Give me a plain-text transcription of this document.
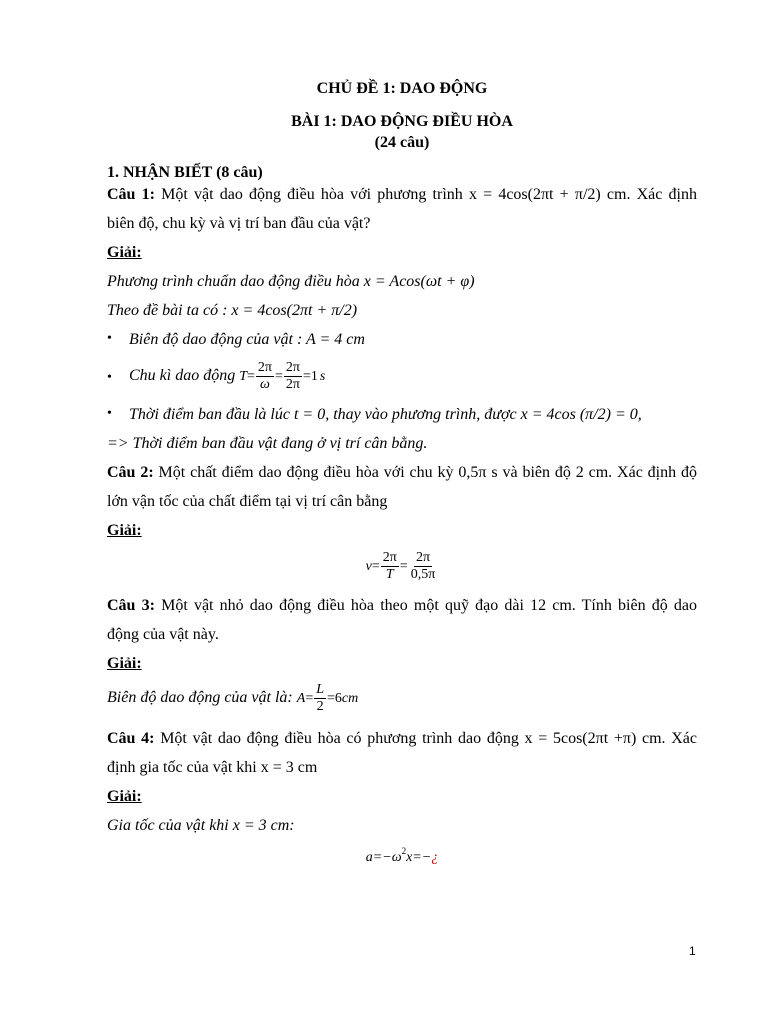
CHỦ ĐỀ 1: DAO ĐỘNG
BÀI 1: DAO ĐỘNG ĐIỀU HÒA
(24 câu)
1. NHẬN BIẾT (8 câu)
Câu 1: Một vật dao động điều hòa với phương trình x = 4cos(2πt + π/2) cm. Xác định
biên độ, chu kỳ và vị trí ban đầu của vật?
Giải:
Phương trình chuẩn dao động điều hòa x = Acos(ωt + φ)
Theo đề bài ta có : x = 4cos(2πt + π/2)
• Biên độ dao động của vật : A = 4 cm
• Chu kì dao động $T= \frac{2\pi}{\omega} = \frac{2\pi}{2\pi} =1$ s
• Thời điểm ban đầu là lúc t = 0, thay vào phương trình, được x = 4cos (π/2) = 0,
=> Thời điểm ban đầu vật đang ở vị trí cân bằng.
Câu 2: Một chất điểm dao động điều hòa với chu kỳ 0,5π s và biên độ 2 cm. Xác định độ
lớn vận tốc của chất điểm tại vị trí cân bằng
Giải:
$v= \frac{2\pi}{T} = \frac{2\pi}{0,5\pi}$
Câu 3: Một vật nhỏ dao động điều hòa theo một quỹ đạo dài 12 cm. Tính biên độ dao
động của vật này.
Giải:
Biên độ dao động của vật là: $A= \frac{L}{2} =6cm$
Câu 4: Một vật dao động điều hòa có phương trình dao động x = 5cos(2πt +π) cm. Xác
định gia tốc của vật khi x = 3 cm
Giải:
Gia tốc của vật khi x = 3 cm:
$a=-\omega^2x=-¿$
1
